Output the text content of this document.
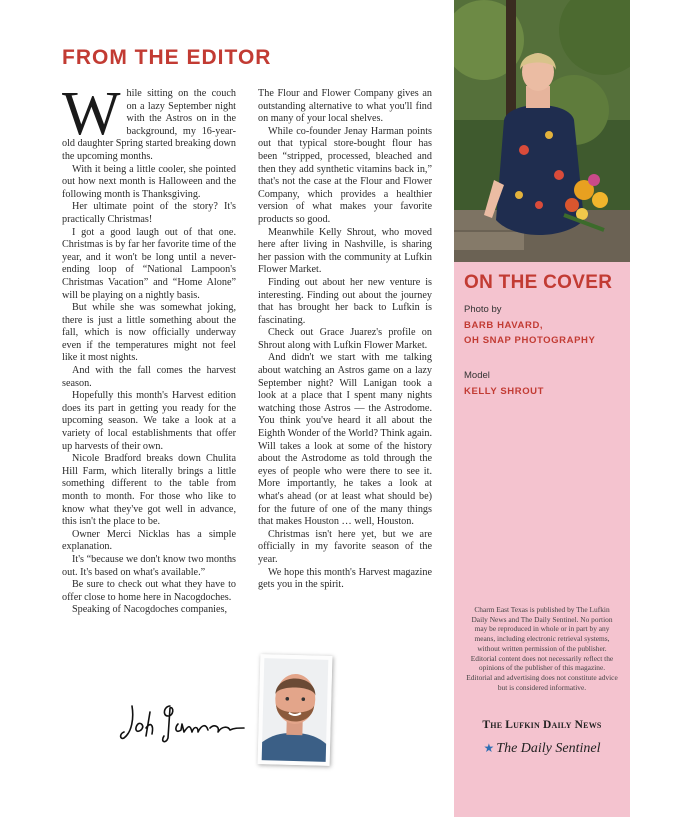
FROM THE EDITOR

While sitting on the couch on a lazy September night with the Astros on in the background, my 16-year-old daughter Spring started breaking down the upcoming months.

With it being a little cooler, she pointed out how next month is Halloween and the following month is Thanksgiving.

Her ultimate point of the story? It's practically Christmas!

I got a good laugh out of that one. Christmas is by far her favorite time of the year, and it won't be long until a never-ending loop of “National Lampoon's Christmas Vacation” and “Home Alone” will be playing on a nightly basis.

But while she was somewhat joking, there is just a little something about the fall, which is now officially underway even if the temperatures might not feel like it most nights.

And with the fall comes the harvest season.

Hopefully this month's Harvest edition does its part in getting you ready for the upcoming season. We take a look at a variety of local establishments that offer up harvests of their own.

Nicole Bradford breaks down Chulita Hill Farm, which literally brings a little something different to the table from month to month. For those who like to know what they've got well in advance, this isn't the place to be.

Owner Merci Nicklas has a simple explanation.

It's “because we don't know two months out. It's based on what's available.”

Be sure to check out what they have to offer close to home here in Nacogdoches.

Speaking of Nacogdoches companies,

The Flour and Flower Company gives an outstanding alternative to what you'll find on many of your local shelves.

While co-founder Jenay Harman points out that typical store-bought flour has been “stripped, processed, bleached and then they add synthetic vitamins back in,” that's not the case at the Flour and Flower Company, which provides a healthier version of what makes your favorite products so good.

Meanwhile Kelly Shrout, who moved here after living in Nashville, is sharing her passion with the community at Lufkin Flower Market.

Finding out about her new venture is interesting. Finding out about the journey that has brought her back to Lufkin is fascinating.

Check out Grace Juarez's profile on Shrout along with Lufkin Flower Market.

And didn't we start with me talking about watching an Astros game on a lazy September night? Will Lanigan took a look at a place that I spent many nights watching those Astros — the Astrodome. You think you've heard it all about the Eighth Wonder of the World? Think again. Will takes a look at some of the history about the Astrodome as told through the eyes of people who were there to see it. More importantly, he takes a look at what's ahead (or at least what should be) for the future of one of the many things that makes Houston … well, Houston.

Christmas isn't here yet, but we are officially in my favorite season of the year.

We hope this month's Harvest magazine gets you in the spirit.

ON THE COVER
Photo by
BARB HAVARD,
OH SNAP PHOTOGRAPHY
Model
KELLY SHROUT

Charm East Texas is published by The Lufkin Daily News and The Daily Sentinel. No portion may be reproduced in whole or in part by any means, including electronic retrieval systems, without written permission of the publisher. Editorial content does not necessarily reflect the opinions of the publisher of this magazine. Editorial and advertising does not constitute advice but is considered informative.

The Lufkin Daily News
★ The Daily Sentinel
